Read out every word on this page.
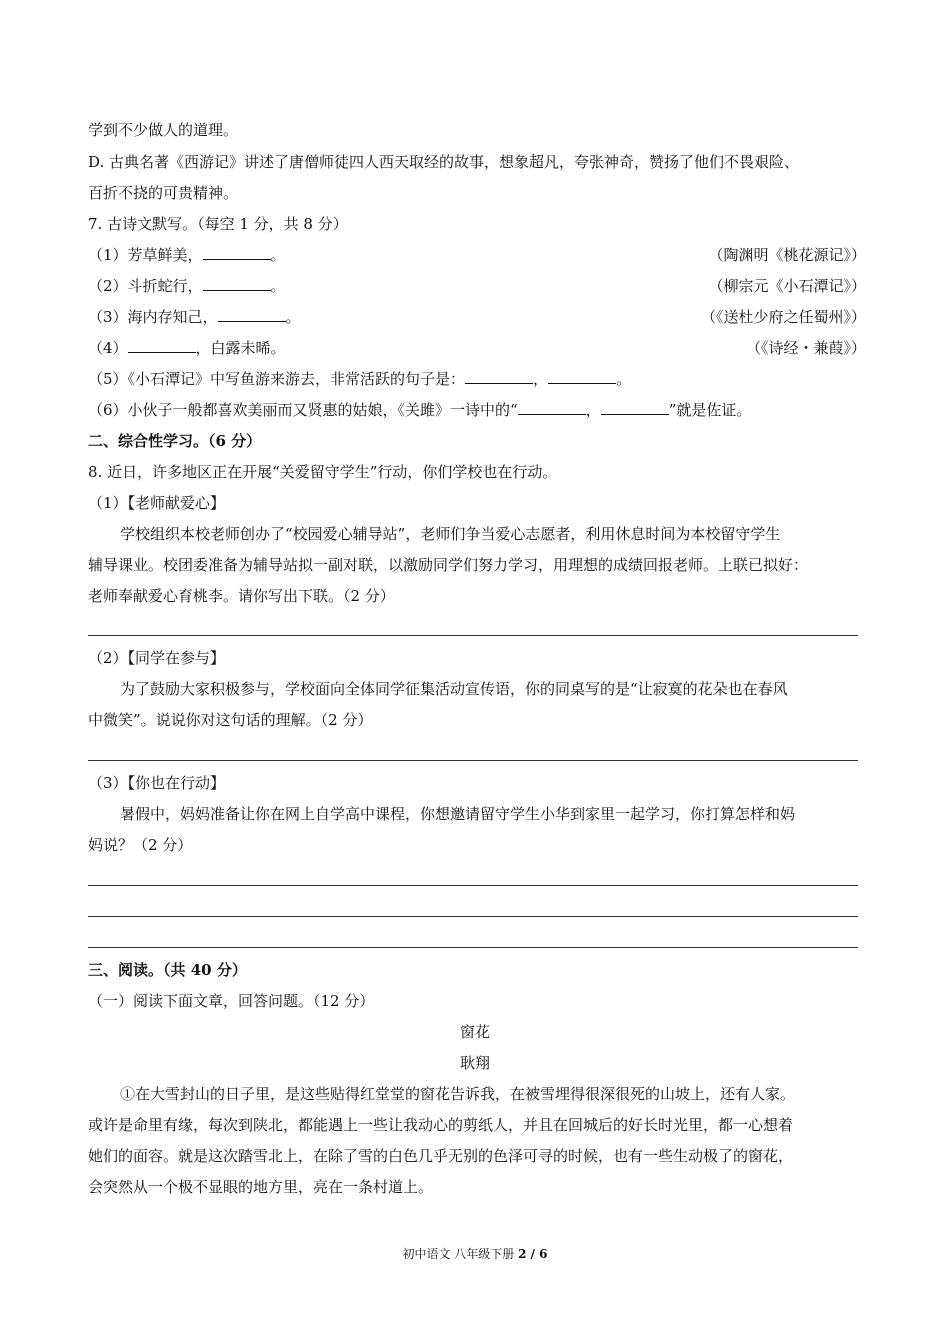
学到不少做人的道理。
D. 古典名著《西游记》讲述了唐僧师徒四人西天取经的故事，想象超凡，夸张神奇，赞扬了他们不畏艰险、
百折不挠的可贵精神。
7. 古诗文默写。（每空 1 分，共 8 分）
（1）芳草鲜美，	。	（陶渊明《桃花源记》）
（2）斗折蛇行，	。	（柳宗元《小石潭记》）
（3）海内存知己，	。	（《送杜少府之任蜀州》）
（4）	，白露未晞。	（《诗经・兼葭》）
（5）《小石潭记》中写鱼游来游去，非常活跃的句子是：	，	。
（6）小伙子一般都喜欢美丽而又贤惠的姑娘，《关雎》一诗中的“	，	”就是佐证。
二、综合性学习。（6 分）
8. 近日，许多地区正在开展“关爱留守学生”行动，你们学校也在行动。
（1）【老师献爱心】
学校组织本校老师创办了“校园爱心辅导站”，老师们争当爱心志愿者，利用休息时间为本校留守学生
辅导课业。校团委准备为辅导站拟一副对联，以激励同学们努力学习，用理想的成绩回报老师。上联已拟好：
老师奉献爱心育桃李。请你写出下联。（2 分）
（2）【同学在参与】
为了鼓励大家积极参与，学校面向全体同学征集活动宣传语，你的同桌写的是“让寂寞的花朵也在春风
中微笑”。说说你对这句话的理解。（2 分）
（3）【你也在行动】
暑假中，妈妈准备让你在网上自学高中课程，你想邀请留守学生小华到家里一起学习，你打算怎样和妈
妈说？（2 分）
三、阅读。（共 40 分）
（一）阅读下面文章，回答问题。（12 分）
窗花
耿翔
①在大雪封山的日子里，是这些贴得红堂堂的窗花告诉我，在被雪埋得很深很死的山坡上，还有人家。
或许是命里有缘，每次到陕北，都能遇上一些让我动心的剪纸人，并且在回城后的好长时光里，都一心想着
她们的面容。就是这次踏雪北上，在除了雪的白色几乎无别的色泽可寻的时候，也有一些生动极了的窗花，
会突然从一个极不显眼的地方里，亮在一条村道上。
初中语文 八年级下册 2 / 6
